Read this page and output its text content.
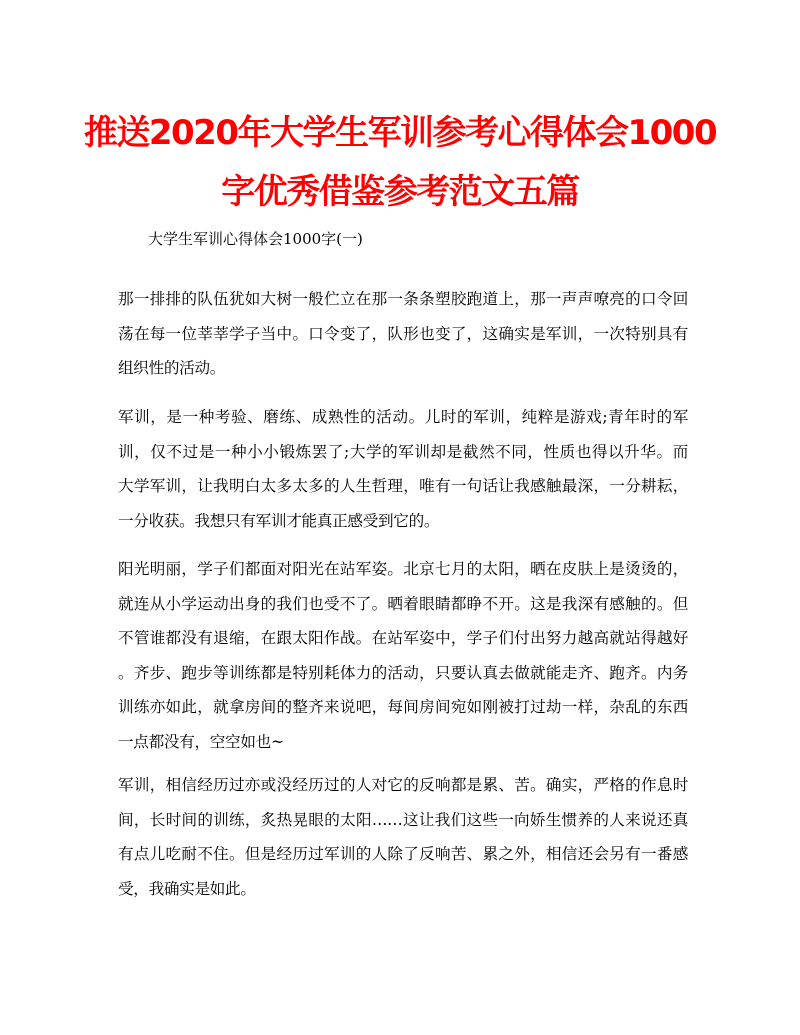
推送2020年大学生军训参考心得体会1000
字优秀借鉴参考范文五篇

大学生军训心得体会1000字(一)

那一排排的队伍犹如大树一般伫立在那一条条塑胶跑道上，那一声声嘹亮的口令回
荡在每一位莘莘学子当中。口令变了，队形也变了，这确实是军训，一次特别具有
组织性的活动。
军训，是一种考验、磨练、成熟性的活动。儿时的军训，纯粹是游戏;青年时的军
训，仅不过是一种小小锻炼罢了;大学的军训却是截然不同，性质也得以升华。而
大学军训，让我明白太多太多的人生哲理，唯有一句话让我感触最深，一分耕耘，
一分收获。我想只有军训才能真正感受到它的。
阳光明丽，学子们都面对阳光在站军姿。北京七月的太阳，晒在皮肤上是烫烫的，
就连从小学运动出身的我们也受不了。晒着眼睛都睁不开。这是我深有感触的。但
不管谁都没有退缩，在跟太阳作战。在站军姿中，学子们付出努力越高就站得越好
。齐步、跑步等训练都是特别耗体力的活动，只要认真去做就能走齐、跑齐。内务
训练亦如此，就拿房间的整齐来说吧，每间房间宛如刚被打过劫一样，杂乱的东西
一点都没有，空空如也~
军训，相信经历过亦或没经历过的人对它的反响都是累、苦。确实，严格的作息时
间，长时间的训练，炙热晃眼的太阳……这让我们这些一向娇生惯养的人来说还真
有点儿吃耐不住。但是经历过军训的人除了反响苦、累之外，相信还会另有一番感
受，我确实是如此。
